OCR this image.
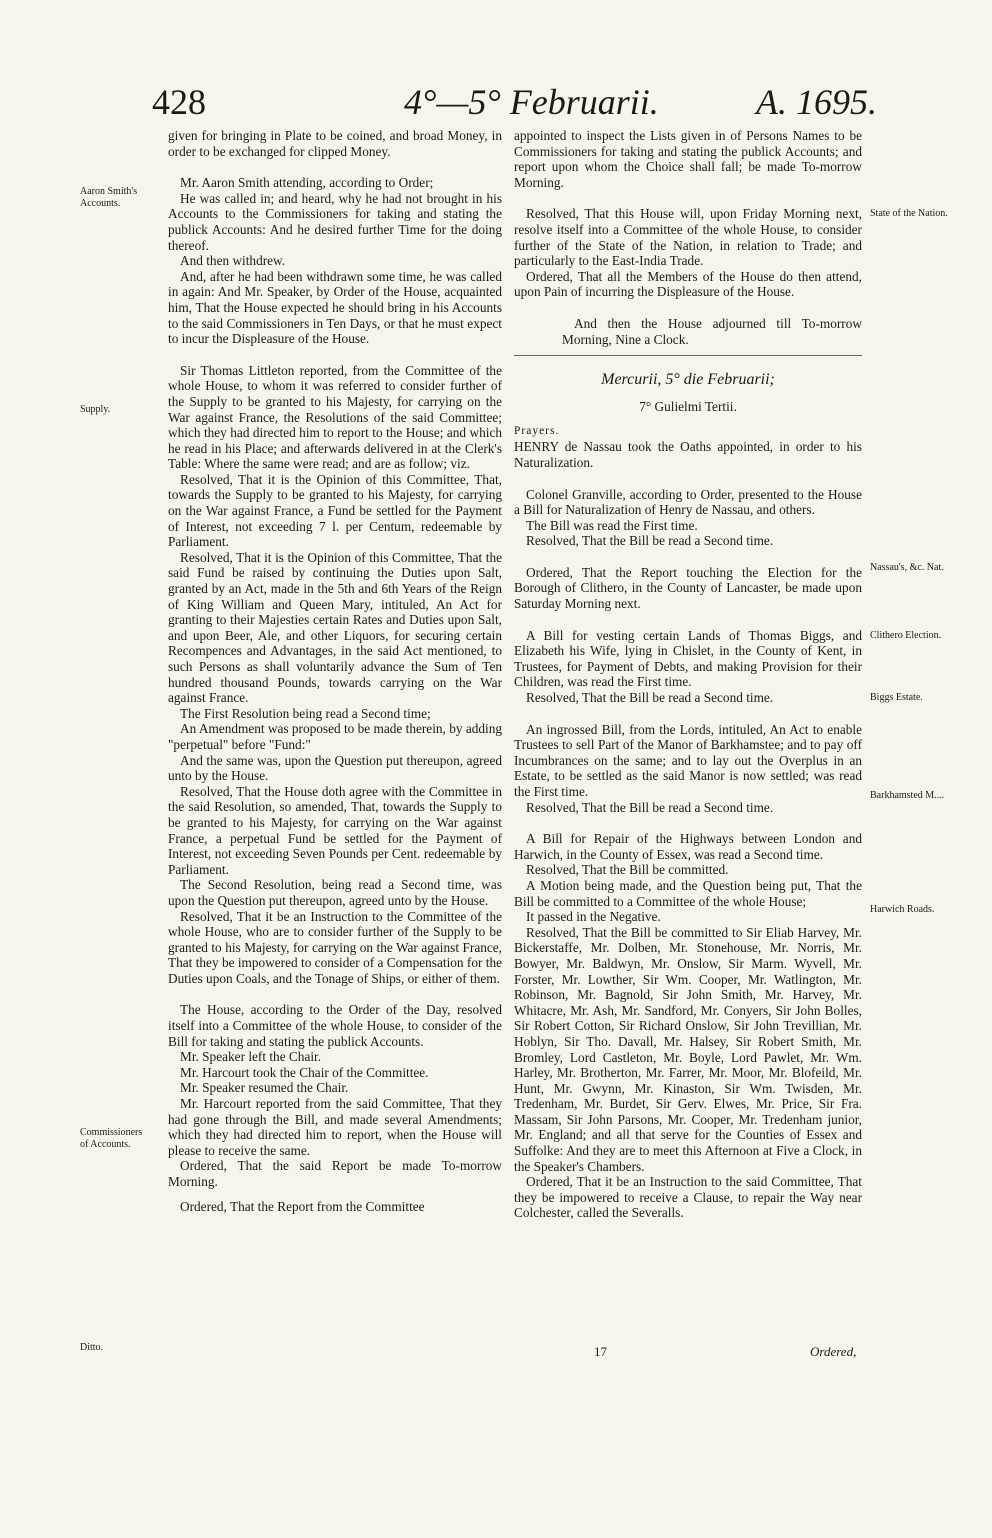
428	4°—5° Februarii.	A. 1695.
Aaron Smith's Accounts.
Supply.
Commissioners of Accounts.
Ditto.
State of the Nation.
Nassau's, &c. Nat.
Clithero Election.
Biggs Estate.
Barkhamsted M....
Harwich Roads.

given for bringing in Plate to be coined, and broad Money, in order to be exchanged for clipped Money.

Mr. Aaron Smith attending, according to Order;

He was called in; and heard, why he had not brought in his Accounts to the Commissioners for taking and stating the publick Accounts: And he desired further Time for the doing thereof.

And then withdrew.

And, after he had been withdrawn some time, he was called in again: And Mr. Speaker, by Order of the House, acquainted him, That the House expected he should bring in his Accounts to the said Commissioners in Ten Days, or that he must expect to incur the Displeasure of the House.

Sir Thomas Littleton reported, from the Committee of the whole House, to whom it was referred to consider further of the Supply to be granted to his Majesty, for carrying on the War against France, the Resolutions of the said Committee; which they had directed him to report to the House; and which he read in his Place; and afterwards delivered in at the Clerk's Table: Where the same were read; and are as follow; viz.

Resolved, That it is the Opinion of this Committee, That, towards the Supply to be granted to his Majesty, for carrying on the War against France, a Fund be settled for the Payment of Interest, not exceeding 7 l. per Centum, redeemable by Parliament.

Resolved, That it is the Opinion of this Committee, That the said Fund be raised by continuing the Duties upon Salt, granted by an Act, made in the 5th and 6th Years of the Reign of King William and Queen Mary, intituled, An Act for granting to their Majesties certain Rates and Duties upon Salt, and upon Beer, Ale, and other Liquors, for securing certain Recompences and Advantages, in the said Act mentioned, to such Persons as shall voluntarily advance the Sum of Ten hundred thousand Pounds, towards carrying on the War against France.

The First Resolution being read a Second time;

An Amendment was proposed to be made therein, by adding "perpetual" before "Fund:"

And the same was, upon the Question put thereupon, agreed unto by the House.

Resolved, That the House doth agree with the Committee in the said Resolution, so amended, That, towards the Supply to be granted to his Majesty, for carrying on the War against France, a perpetual Fund be settled for the Payment of Interest, not exceeding Seven Pounds per Cent. redeemable by Parliament.

The Second Resolution, being read a Second time, was upon the Question put thereupon, agreed unto by the House.

Resolved, That it be an Instruction to the Committee of the whole House, who are to consider further of the Supply to be granted to his Majesty, for carrying on the War against France, That they be impowered to consider of a Compensation for the Duties upon Coals, and the Tonage of Ships, or either of them.

The House, according to the Order of the Day, resolved itself into a Committee of the whole House, to consider of the Bill for taking and stating the publick Accounts.

Mr. Speaker left the Chair.

Mr. Harcourt took the Chair of the Committee.

Mr. Speaker resumed the Chair.

Mr. Harcourt reported from the said Committee, That they had gone through the Bill, and made several Amendments; which they had directed him to report, when the House will please to receive the same.

Ordered, That the said Report be made To-morrow Morning.

Ordered, That the Report from the Committee

appointed to inspect the Lists given in of Persons Names to be Commissioners for taking and stating the publick Accounts; and report upon whom the Choice shall fall; be made To-morrow Morning.

Resolved, That this House will, upon Friday Morning next, resolve itself into a Committee of the whole House, to consider further of the State of the Nation, in relation to Trade; and particularly to the East-India Trade.

Ordered, That all the Members of the House do then attend, upon Pain of incurring the Displeasure of the House.

And then the House adjourned till To-morrow Morning, Nine a Clock.

Mercurii, 5° die Februarii;

7° Gulielmi Tertii.

Prayers.

HENRY de Nassau took the Oaths appointed, in order to his Naturalization.

Colonel Granville, according to Order, presented to the House a Bill for Naturalization of Henry de Nassau, and others.

The Bill was read the First time.

Resolved, That the Bill be read a Second time.

Ordered, That the Report touching the Election for the Borough of Clithero, in the County of Lancaster, be made upon Saturday Morning next.

A Bill for vesting certain Lands of Thomas Biggs, and Elizabeth his Wife, lying in Chislet, in the County of Kent, in Trustees, for Payment of Debts, and making Provision for their Children, was read the First time.

Resolved, That the Bill be read a Second time.

An ingrossed Bill, from the Lords, intituled, An Act to enable Trustees to sell Part of the Manor of Barkhamstee; and to pay off Incumbrances on the same; and to lay out the Overplus in an Estate, to be settled as the said Manor is now settled; was read the First time.

Resolved, That the Bill be read a Second time.

A Bill for Repair of the Highways between London and Harwich, in the County of Essex, was read a Second time.

Resolved, That the Bill be committed.

A Motion being made, and the Question being put, That the Bill be committed to a Committee of the whole House;

It passed in the Negative.

Resolved, That the Bill be committed to Sir Eliab Harvey, Mr. Bickerstaffe, Mr. Dolben, Mr. Stonehouse, Mr. Norris, Mr. Bowyer, Mr. Baldwyn, Mr. Onslow, Sir Marm. Wyvell, Mr. Forster, Mr. Lowther, Sir Wm. Cooper, Mr. Watlington, Mr. Robinson, Mr. Bagnold, Sir John Smith, Mr. Harvey, Mr. Whitacre, Mr. Ash, Mr. Sandford, Mr. Conyers, Sir John Bolles, Sir Robert Cotton, Sir Richard Onslow, Sir John Trevillian, Mr. Hoblyn, Sir Tho. Davall, Mr. Halsey, Sir Robert Smith, Mr. Bromley, Lord Castleton, Mr. Boyle, Lord Pawlet, Mr. Wm. Harley, Mr. Brotherton, Mr. Farrer, Mr. Moor, Mr. Blofeild, Mr. Hunt, Mr. Gwynn, Mr. Kinaston, Sir Wm. Twisden, Mr. Tredenham, Mr. Burdet, Sir Gerv. Elwes, Mr. Price, Sir Fra. Massam, Sir John Parsons, Mr. Cooper, Mr. Tredenham junior, Mr. England; and all that serve for the Counties of Essex and Suffolke: And they are to meet this Afternoon at Five a Clock, in the Speaker's Chambers.

Ordered, That it be an Instruction to the said Committee, That they be impowered to receive a Clause, to repair the Way near Colchester, called the Severalls.

17	Ordered,
